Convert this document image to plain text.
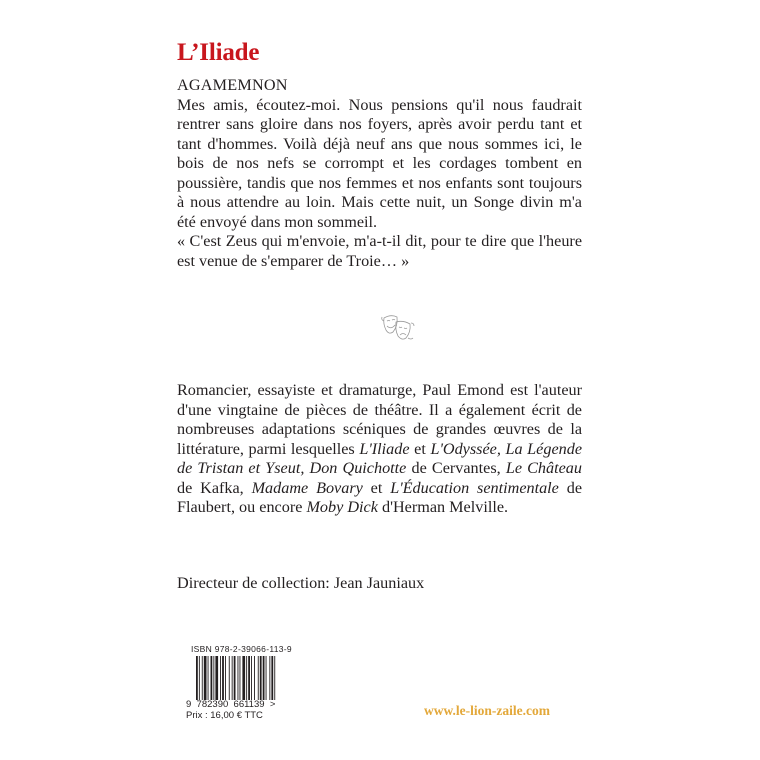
L’Iliade

AGAMEMNON

Mes amis, écoutez-moi. Nous pensions qu'il nous faudrait rentrer sans gloire dans nos foyers, après avoir perdu tant et tant d'hommes. Voilà déjà neuf ans que nous sommes ici, le bois de nos nefs se corrompt et les cordages tombent en poussière, tandis que nos femmes et nos enfants sont toujours à nous attendre au loin. Mais cette nuit, un Songe divin m'a été envoyé dans mon sommeil.

« C'est Zeus qui m'envoie, m'a-t-il dit, pour te dire que l'heure est venue de s'emparer de Troie… »

Romancier, essayiste et dramaturge, Paul Emond est l'auteur d'une vingtaine de pièces de théâtre. Il a également écrit de nombreuses adaptations scéniques de grandes œuvres de la littérature, parmi lesquelles L'Iliade et L'Odyssée, La Légende de Tristan et Yseut, Don Quichotte de Cervantes, Le Château de Kafka, Madame Bovary et L'Éducation sentimentale de Flaubert, ou encore Moby Dick d'Herman Melville.
Directeur de collection: Jean Jauniaux
ISBN 978-2-39066-113-9
9  782390  661139  >
Prix : 16,00 € TTC	www.le-lion-zaile.com
